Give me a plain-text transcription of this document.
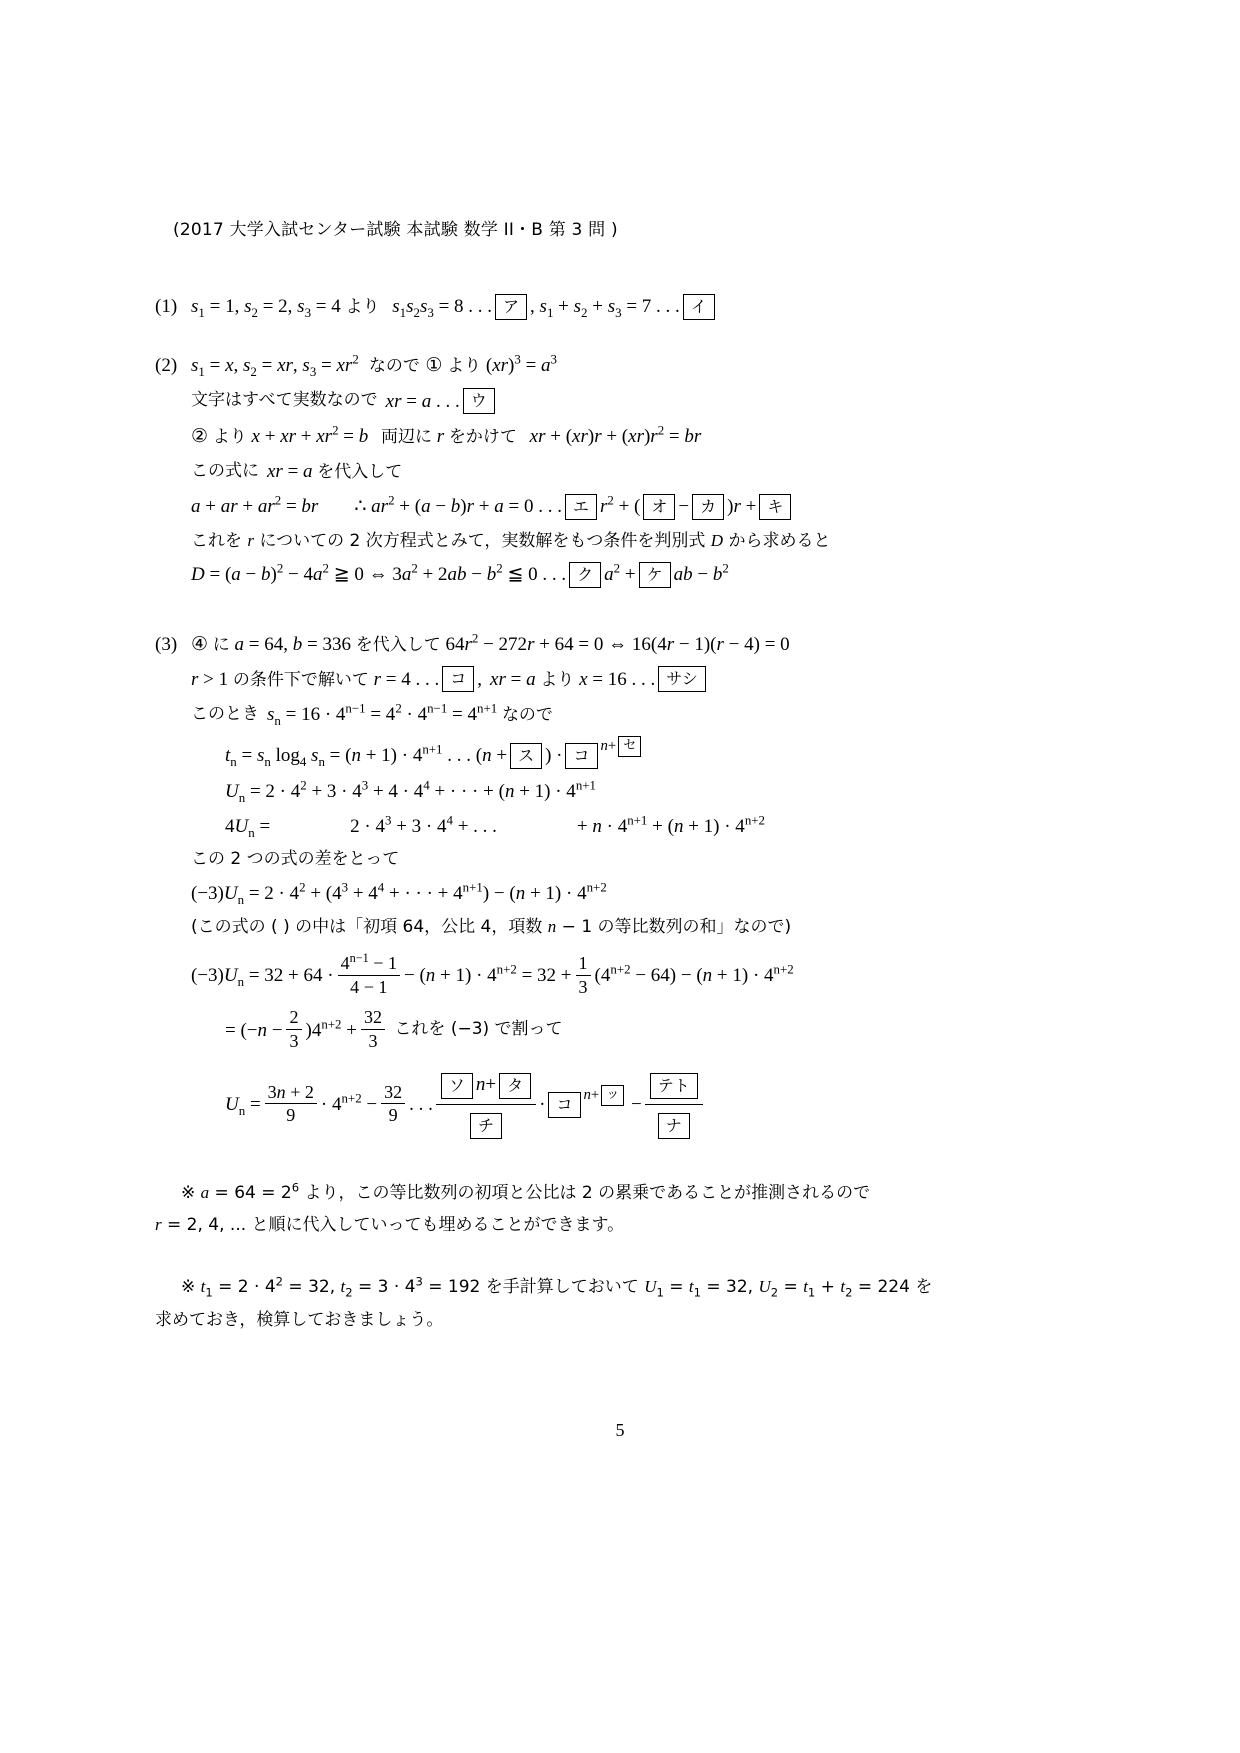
(2017 大学入試センター試験 本試験 数学 II・B 第 3 問 )
(1) $s_1 = 1$, $s_2 = 2$, $s_3 = 4$ より $s_1s_2s_3 = 8$ . . . ア , $s_1 + s_2 + s_3 = 7$ . . . イ
(2) $s_1 = x$, $s_2$ = xr, $s_3 = xr^2$  なので ① より $(xr)^3 = a^3$
文字はすべて実数なので xr = a . . . ウ
② より x + xr + $xr^2 = b$ 両辺に r をかけて xr + $(xr)r + (xr)r^2$ = br
この式に xr = a を代入して
a + ar + $ar^2$ = br ∴ $ar^2 + (a - b)r + a = 0$ . . . エ $r^2$ + ( オ − カ )r + キ
これを r についての 2 次方程式とみて，実数解をもつ条件を判別式 D から求めると
$D = (a - b)^2 - 4a^2$ ≧ 0 ⇔ $3a^2 + 2ab - b^2$ ≦ 0 . . . ク $a^2$ + ケ ab − $b^2$
(3) ④ に a = 64, b = 336 を代入して $64r^2 - 272r + 64 = 0$ ⇔ 16(4r − 1)(r − 4) = 0
r > 1 の条件下で解いて r = 4 . . . コ , xr = a より x = 16 . . . サシ
このとき $s_n = 16 \cdot 4^{n-1} = 4^2 \cdot 4^{n-1} = 4^{n+1}$ なので
$t_n = s_n$ $\log_4 s_n = (n + 1) \cdot 4^{n+1}$ . . . (n + ス ) · コ n+ セ
$U_n = 2 \cdot 4^2 + 3 \cdot 4^3 + 4 \cdot 4^4$ + · · · + $(n + 1) \cdot 4^{n+1}$
$4U_n$ =	$2 \cdot 4^3 + 3 \cdot 4^4$ + . . .	+ $n \cdot 4^{n+1} + (n + 1) \cdot 4^{n+2}$
この 2 つの式の差をとって
$(-3)U_n = 2 \cdot 4^2 + (4^3 + 4^4$ + · · · + $4^{n+1}) - (n + 1) \cdot 4^{n+2}$
(この式の ( ) の中は「初項 64，公比 4，項数 n − 1 の等比数列の和」なので)
$(-3)U_n = 32 + 64 \cdot \frac{4^{n-1} - 1}{4 - 1} - (n + 1) \cdot 4^{n+2} = 32 + \frac{1}{3} (4^{n+2} - 64) - (n + 1) \cdot 4^{n+2}$
= $(-n - \frac{2}{3} )4^{n+2} + \frac{32}{3}$ これを (−3) で割って
$U_n = \frac{3n + 2}{9} \cdot 4^{n+2} - \frac{32}{9}$ . . . $\frac{\text{ソ n+ タ}}{\text{チ}}$ · コ n+ ッ − $\frac{\text{テト}}{\text{ナ}}$
※ $a = 64 = 2^6$ より，この等比数列の初項と公比は 2 の累乗であることが推測されるので
r = 2, 4, ... と順に代入していっても埋めることができます。
※ $t_1 = 2 \cdot 4^2 = 32$, $t_2 = 3 \cdot 4^3 = 192$ を手計算しておいて $U_1 = t_1 = 32$, $U_2 = t_1 + t_2 = 224$ を
求めておき，検算しておきましょう。
5
